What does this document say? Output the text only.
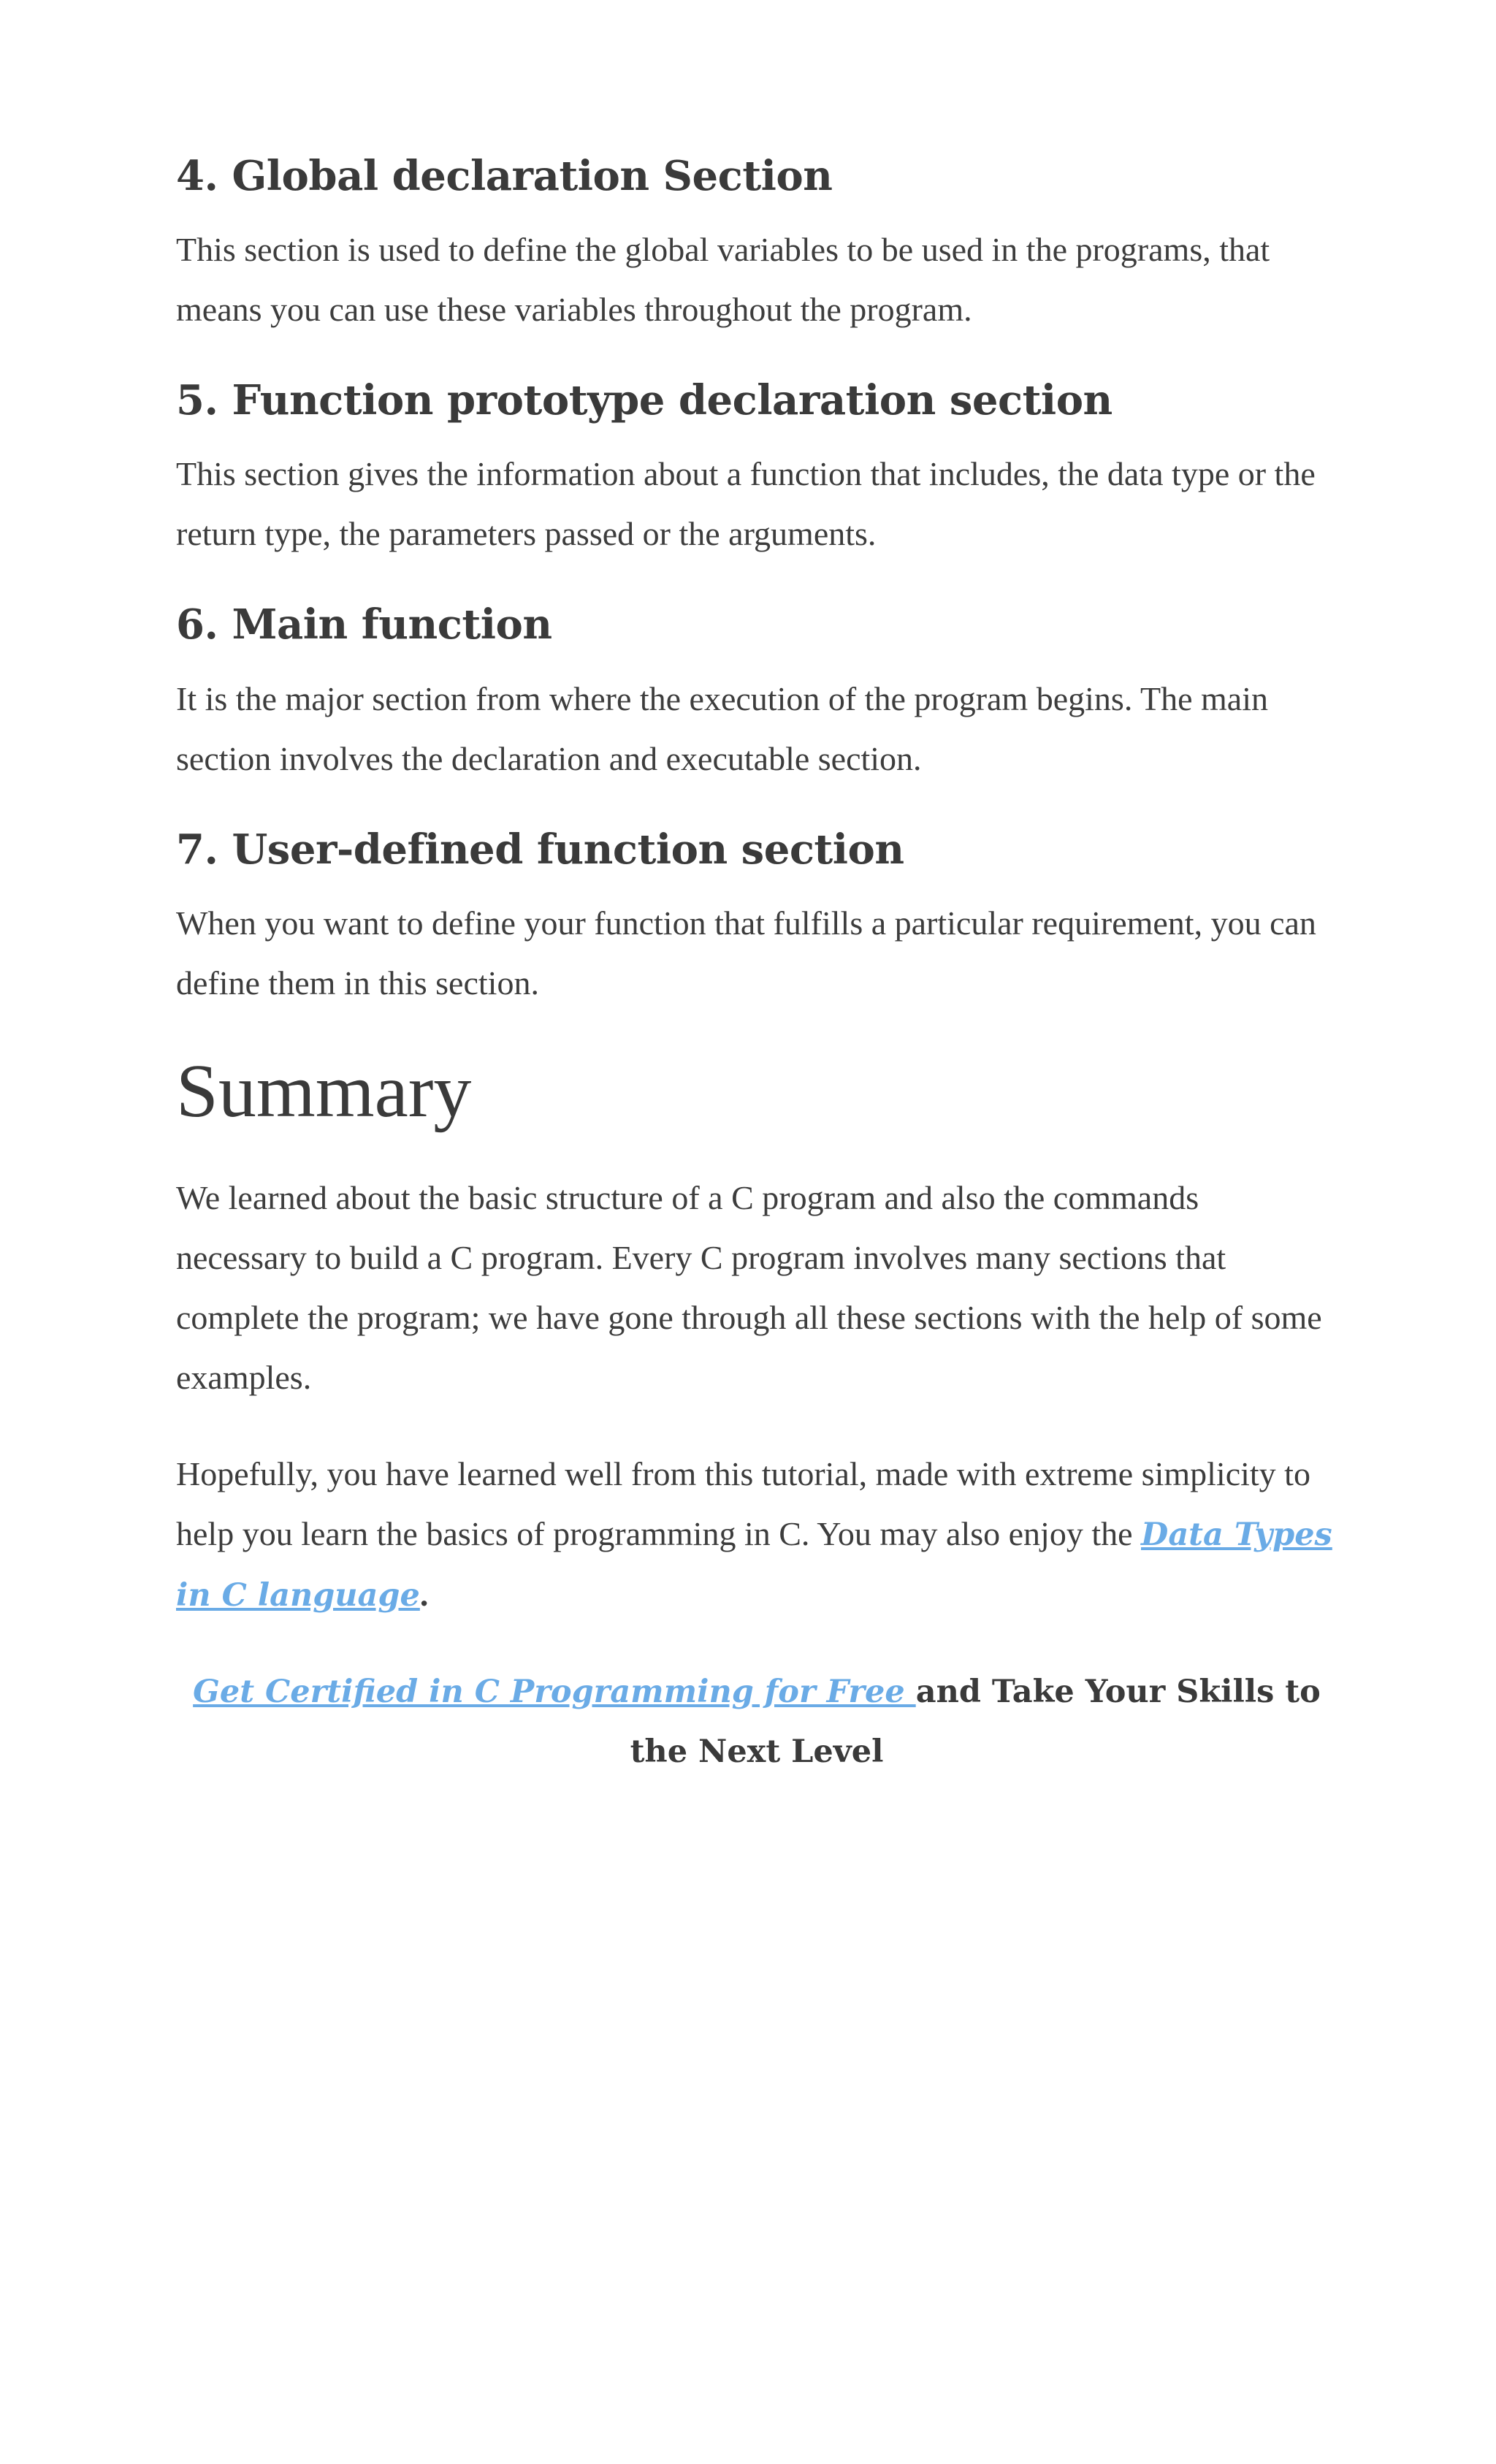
4. Global declaration Section

This section is used to define the global variables to be used in the programs, that means you can use these variables throughout the program.

5. Function prototype declaration section

This section gives the information about a function that includes, the data type or the return type, the parameters passed or the arguments.

6. Main function

It is the major section from where the execution of the program begins. The main section involves the declaration and executable section.

7. User-defined function section

When you want to define your function that fulfills a particular requirement, you can define them in this section.

Summary

We learned about the basic structure of a C program and also the commands necessary to build a C program. Every C program involves many sections that complete the program; we have gone through all these sections with the help of some examples.

Hopefully, you have learned well from this tutorial, made with extreme simplicity to help you learn the basics of programming in C. You may also enjoy the Data Types in C language.

Get Certified in C Programming for Free and Take Your Skills to the Next Level
